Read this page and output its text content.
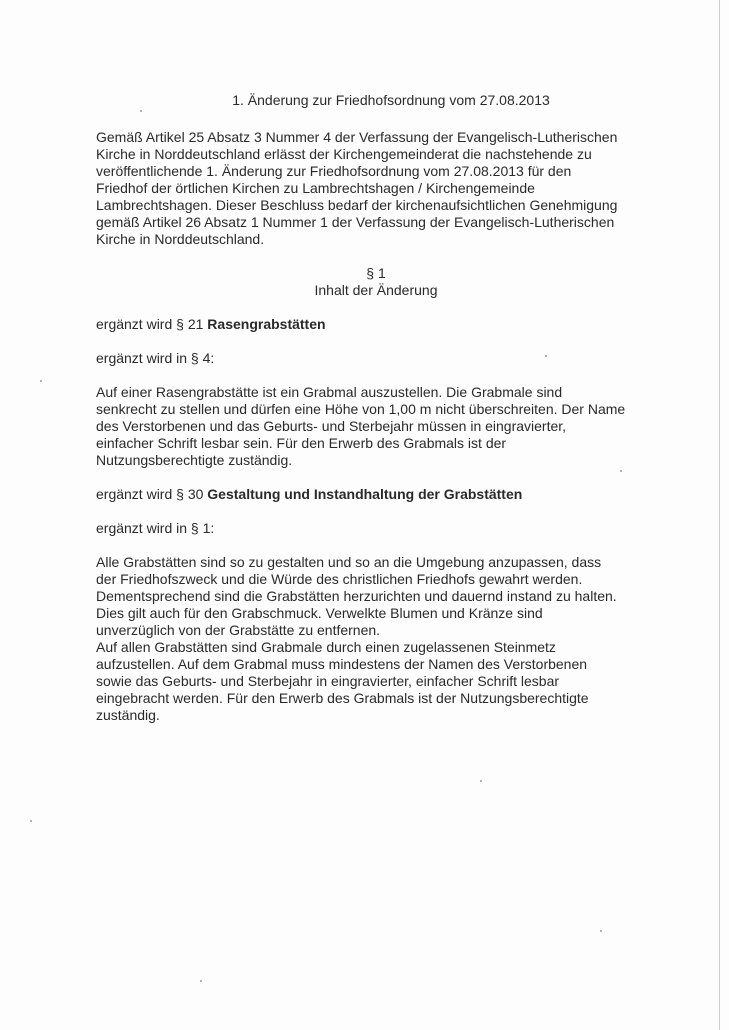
1. Änderung zur Friedhofsordnung vom 27.08.2013
Gemäß Artikel 25 Absatz 3 Nummer 4 der Verfassung der Evangelisch-Lutherischen
Kirche in Norddeutschland erlässt der Kirchengemeinderat die nachstehende zu
veröffentlichende 1. Änderung zur Friedhofsordnung vom 27.08.2013 für den
Friedhof der örtlichen Kirchen zu Lambrechtshagen / Kirchengemeinde
Lambrechtshagen. Dieser Beschluss bedarf der kirchenaufsichtlichen Genehmigung
gemäß Artikel 26 Absatz 1 Nummer 1 der Verfassung der Evangelisch-Lutherischen
Kirche in Norddeutschland.
§ 1
Inhalt der Änderung
ergänzt wird § 21 Rasengrabstätten
ergänzt wird in § 4:
Auf einer Rasengrabstätte ist ein Grabmal auszustellen. Die Grabmale sind
senkrecht zu stellen und dürfen eine Höhe von 1,00 m nicht überschreiten. Der Name
des Verstorbenen und das Geburts- und Sterbejahr müssen in eingravierter,
einfacher Schrift lesbar sein. Für den Erwerb des Grabmals ist der
Nutzungsberechtigte zuständig.
ergänzt wird § 30 Gestaltung und Instandhaltung der Grabstätten
ergänzt wird in § 1:
Alle Grabstätten sind so zu gestalten und so an die Umgebung anzupassen, dass
der Friedhofszweck und die Würde des christlichen Friedhofs gewahrt werden.
Dementsprechend sind die Grabstätten herzurichten und dauernd instand zu halten.
Dies gilt auch für den Grabschmuck. Verwelkte Blumen und Kränze sind
unverzüglich von der Grabstätte zu entfernen.
Auf allen Grabstätten sind Grabmale durch einen zugelassenen Steinmetz
aufzustellen. Auf dem Grabmal muss mindestens der Namen des Verstorbenen
sowie das Geburts- und Sterbejahr in eingravierter, einfacher Schrift lesbar
eingebracht werden. Für den Erwerb des Grabmals ist der Nutzungsberechtigte
zuständig.
